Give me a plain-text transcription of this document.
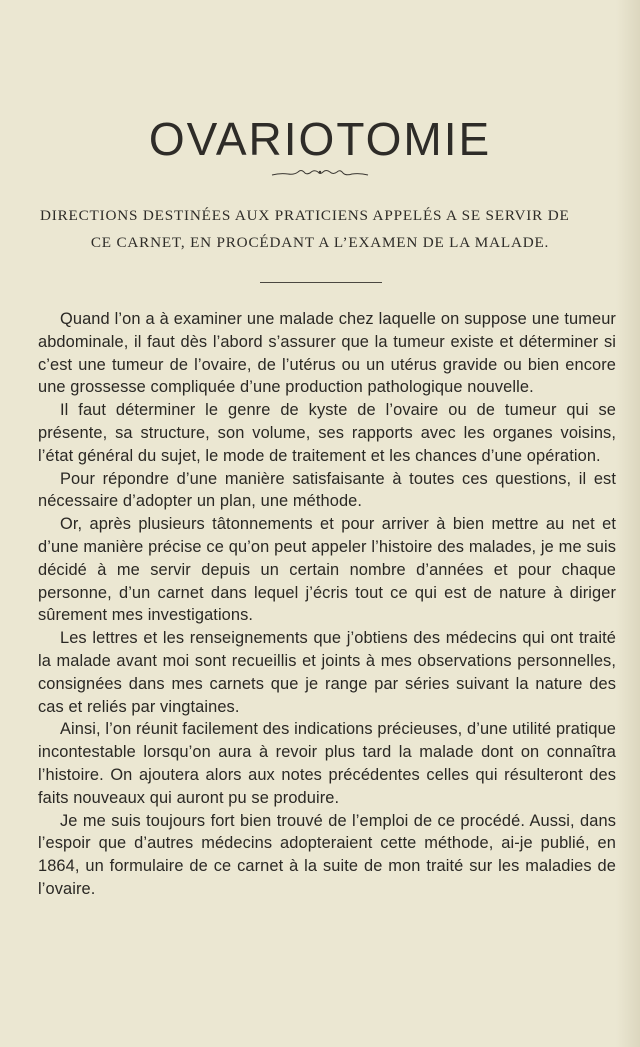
OVARIOTOMIE
DIRECTIONS DESTINÉES AUX PRATICIENS APPELÉS A SE SERVIR DE
CE CARNET, EN PROCÉDANT A L’EXAMEN DE LA MALADE.

Quand l’on a à examiner une malade chez laquelle on suppose une tumeur abdominale, il faut dès l’abord s’assurer que la tumeur existe et déterminer si c’est une tumeur de l’ovaire, de l’utérus ou un utérus gravide ou bien encore une grossesse compliquée d’une production pathologique nouvelle.

Il faut déterminer le genre de kyste de l’ovaire ou de tumeur qui se présente, sa structure, son volume, ses rapports avec les organes voisins, l’état général du sujet, le mode de traitement et les chances d’une opération.

Pour répondre d’une manière satisfaisante à toutes ces questions, il est nécessaire d’adopter un plan, une méthode.

Or, après plusieurs tâtonnements et pour arriver à bien mettre au net et d’une manière précise ce qu’on peut appeler l’histoire des malades, je me suis décidé à me servir depuis un certain nombre d’années et pour chaque personne, d’un carnet dans lequel j’écris tout ce qui est de nature à diriger sûrement mes investigations.

Les lettres et les renseignements que j’obtiens des médecins qui ont traité la malade avant moi sont recueillis et joints à mes observations personnelles, consignées dans mes carnets que je range par séries suivant la nature des cas et reliés par vingtaines.

Ainsi, l’on réunit facilement des indications précieuses, d’une utilité pratique incontestable lorsqu’on aura à revoir plus tard la malade dont on connaîtra l’histoire. On ajoutera alors aux notes précédentes celles qui résulteront des faits nouveaux qui auront pu se produire.

Je me suis toujours fort bien trouvé de l’emploi de ce procédé. Aussi, dans l’espoir que d’autres médecins adopteraient cette méthode, ai-je publié, en 1864, un formulaire de ce carnet à la suite de mon traité sur les maladies de l’ovaire.
